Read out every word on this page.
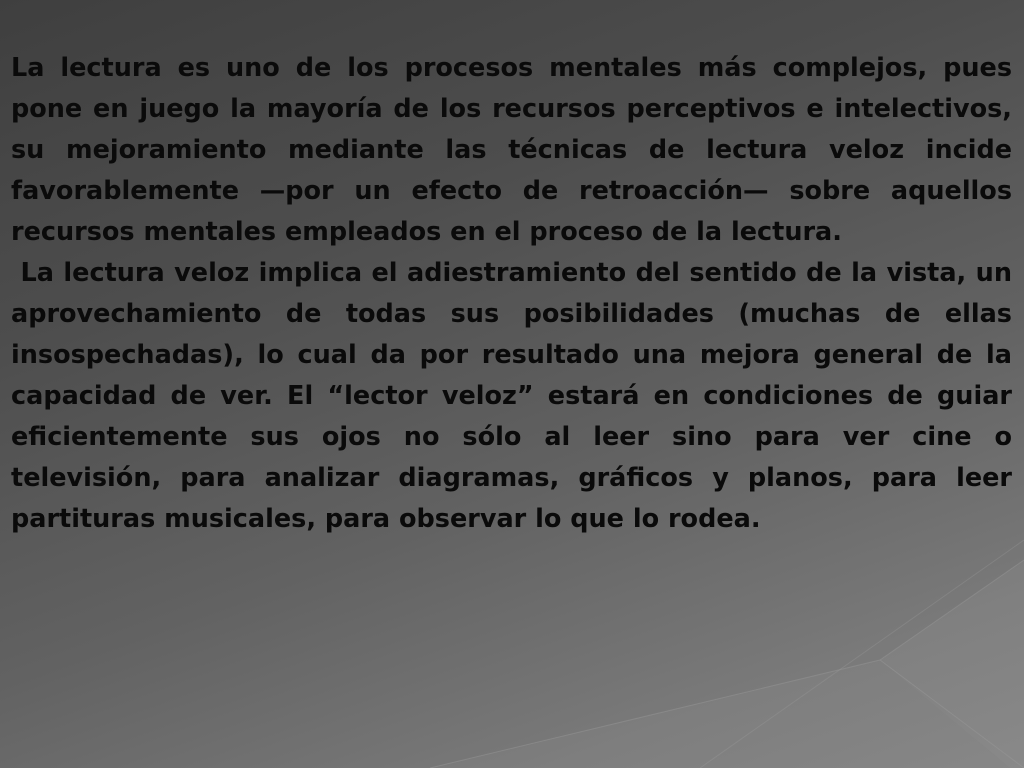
La lectura es uno de los procesos mentales más complejos, pues pone en juego la mayoría de los recursos perceptivos e intelectivos, su mejoramiento mediante las técnicas de lectura veloz incide favorablemente —por un efecto de retroacción— sobre aquellos recursos mentales empleados en el proceso de la lectura.

La lectura veloz implica el adiestramiento del sentido de la vista, un aprovechamiento de todas sus posibilidades (muchas de ellas insospechadas), lo cual da por resultado una mejora general de la capacidad de ver. El “lector veloz” estará en condiciones de guiar eficientemente sus ojos no sólo al leer sino para ver cine o televisión, para analizar diagramas, gráficos y planos, para leer partituras musicales, para observar lo que lo rodea.
